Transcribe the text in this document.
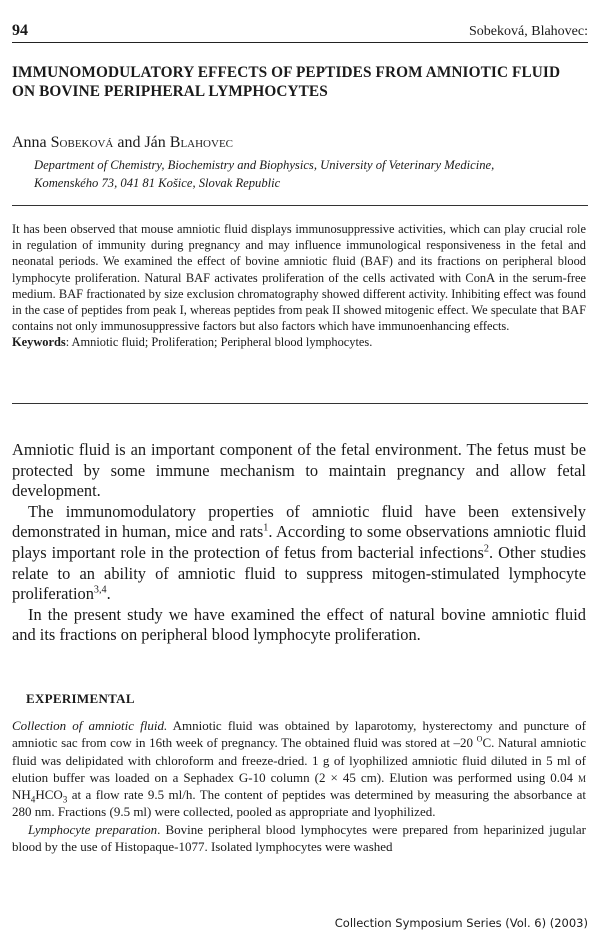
94	Sobeková, Blahovec:
IMMUNOMODULATORY EFFECTS OF PEPTIDES FROM AMNIOTIC FLUID ON BOVINE PERIPHERAL LYMPHOCYTES
Anna Sobeková and Ján Blahovec
Department of Chemistry, Biochemistry and Biophysics, University of Veterinary Medicine,
Komenského 73, 041 81 Košice, Slovak Republic
It has been observed that mouse amniotic fluid displays immunosuppressive activities, which can play crucial role in regulation of immunity during pregnancy and may influence immunological responsiveness in the fetal and neonatal periods. We examined the effect of bovine amniotic fluid (BAF) and its fractions on peripheral blood lymphocyte proliferation. Natural BAF activates proliferation of the cells activated with ConA in the serum-free medium. BAF fractionated by size exclusion chromatography showed different activity. Inhibiting effect was found in the case of peptides from peak I, whereas peptides from peak II showed mitogenic effect. We speculate that BAF contains not only immunosuppressive factors but also factors which have immunoenhancing effects.
Keywords: Amniotic fluid; Proliferation; Peripheral blood lymphocytes.

Amniotic fluid is an important component of the fetal environment. The fetus must be protected by some immune mechanism to maintain pregnancy and allow fetal development.

The immunomodulatory properties of amniotic fluid have been extensively demonstrated in human, mice and rats$^1$. According to some observations amniotic fluid plays important role in the protection of fetus from bacterial infections$^2$. Other studies relate to an ability of amniotic fluid to suppress mitogen-stimulated lymphocyte proliferation$^{3,4}$.

In the present study we have examined the effect of natural bovine amniotic fluid and its fractions on peripheral blood lymphocyte proliferation.

EXPERIMENTAL

Collection of amniotic fluid. Amniotic fluid was obtained by laparotomy, hysterectomy and puncture of amniotic sac from cow in 16th week of pregnancy. The obtained fluid was stored at –20 $^O$C. Natural amniotic fluid was delipidated with chloroform and freeze-dried. 1 g of lyophilized amniotic fluid diluted in 5 ml of elution buffer was loaded on a Sephadex G-10 column (2 × 45 cm). Elution was performed using 0.04 m $NH_4HCO_3$ at a flow rate 9.5 ml/h. The content of peptides was determined by measuring the absorbance at 280 nm. Fractions (9.5 ml) were collected, pooled as appropriate and lyophilized.

Lymphocyte preparation. Bovine peripheral blood lymphocytes were prepared from heparinized jugular blood by the use of Histopaque-1077. Isolated lymphocytes were washed

Collection Symposium Series (Vol. 6) (2003)
